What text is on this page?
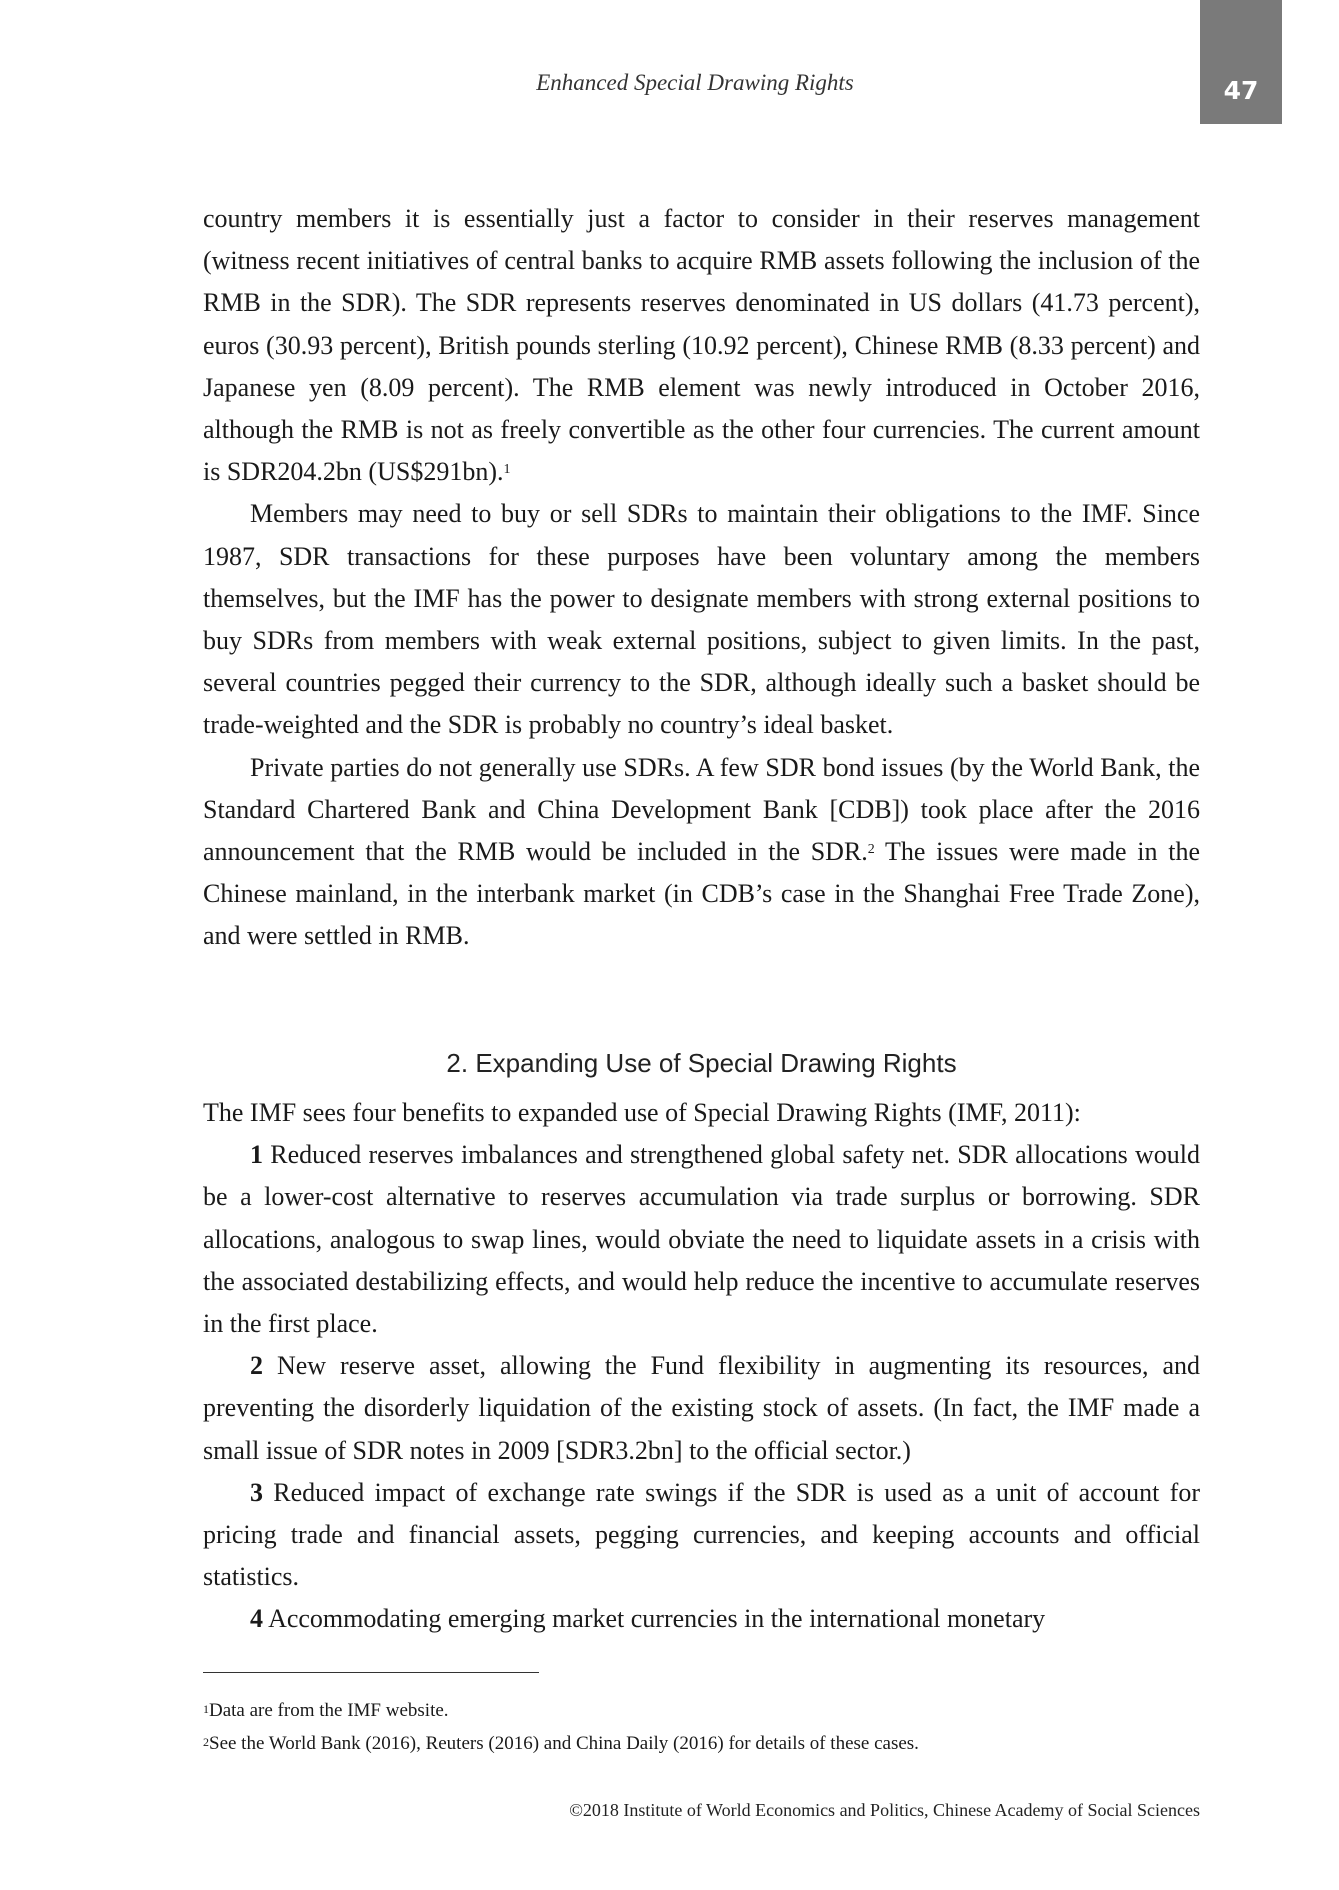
Enhanced Special Drawing Rights	47

country members it is essentially just a factor to consider in their reserves management (witness recent initiatives of central banks to acquire RMB assets following the inclusion of the RMB in the SDR). The SDR represents reserves denominated in US dollars (41.73 percent), euros (30.93 percent), British pounds sterling (10.92 percent), Chinese RMB (8.33 percent) and Japanese yen (8.09 percent). The RMB element was newly introduced in October 2016, although the RMB is not as freely convertible as the other four currencies. The current amount is SDR204.2bn (US$291bn).$^1$

Members may need to buy or sell SDRs to maintain their obligations to the IMF. Since 1987, SDR transactions for these purposes have been voluntary among the members themselves, but the IMF has the power to designate members with strong external positions to buy SDRs from members with weak external positions, subject to given limits. In the past, several countries pegged their currency to the SDR, although ideally such a basket should be trade-weighted and the SDR is probably no country’s ideal basket.

Private parties do not generally use SDRs. A few SDR bond issues (by the World Bank, the Standard Chartered Bank and China Development Bank [CDB]) took place after the 2016 announcement that the RMB would be included in the SDR.$^2$ The issues were made in the Chinese mainland, in the interbank market (in CDB’s case in the Shanghai Free Trade Zone), and were settled in RMB.

2. Expanding Use of Special Drawing Rights

The IMF sees four benefits to expanded use of Special Drawing Rights (IMF, 2011):

1 Reduced reserves imbalances and strengthened global safety net. SDR allocations would be a lower-cost alternative to reserves accumulation via trade surplus or borrowing. SDR allocations, analogous to swap lines, would obviate the need to liquidate assets in a crisis with the associated destabilizing effects, and would help reduce the incentive to accumulate reserves in the first place.

2 New reserve asset, allowing the Fund flexibility in augmenting its resources, and preventing the disorderly liquidation of the existing stock of assets. (In fact, the IMF made a small issue of SDR notes in 2009 [SDR3.2bn] to the official sector.)

3 Reduced impact of exchange rate swings if the SDR is used as a unit of account for pricing trade and financial assets, pegging currencies, and keeping accounts and official statistics.

4 Accommodating emerging market currencies in the international monetary

$^1$Data are from the IMF website.
$^2$See the World Bank (2016), Reuters (2016) and China Daily (2016) for details of these cases.
©2018 Institute of World Economics and Politics, Chinese Academy of Social Sciences
